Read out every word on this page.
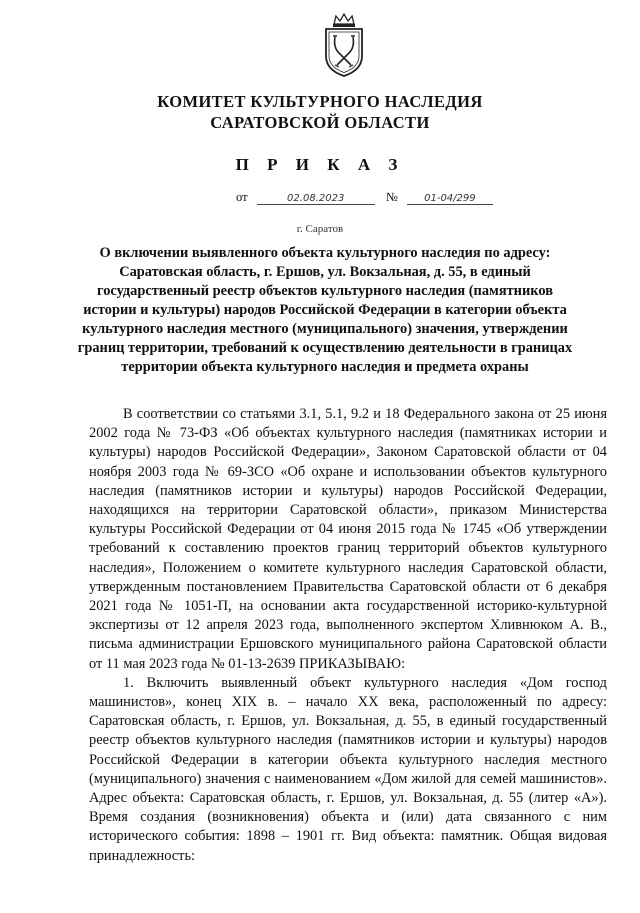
КОМИТЕТ КУЛЬТУРНОГО НАСЛЕДИЯ
САРАТОВСКОЙ ОБЛАСТИ
П Р И К А З
от	02.08.2023	№	01-04/299
г. Саратов
О включении выявленного объекта культурного наследия по адресу: Саратовская область, г. Ершов, ул. Вокзальная, д. 55, в единый государственный реестр объектов культурного наследия (памятников истории и культуры) народов Российской Федерации в категории объекта культурного наследия местного (муниципального) значения, утверждении границ территории, требований к осуществлению деятельности в границах территории объекта культурного наследия и предмета охраны

В соответствии со статьями 3.1, 5.1, 9.2 и 18 Федерального закона от 25 июня 2002 года № 73-ФЗ «Об объектах культурного наследия (памятниках истории и культуры) народов Российской Федерации», Законом Саратовской области от 04 ноября 2003 года № 69-ЗСО «Об охране и использовании объектов культурного наследия (памятников истории и культуры) народов Российской Федерации, находящихся на территории Саратовской области», приказом Министерства культуры Российской Федерации от 04 июня 2015 года № 1745 «Об утверждении требований к составлению проектов границ территорий объектов культурного наследия», Положением о комитете культурного наследия Саратовской области, утвержденным постановлением Правительства Саратовской области от 6 декабря 2021 года № 1051-П, на основании акта государственной историко-культурной экспертизы от 12 апреля 2023 года, выполненного экспертом Хливнюком А. В., письма администрации Ершовского муниципального района Саратовской области от 11 мая 2023 года № 01-13-2639 ПРИКАЗЫВАЮ:

1. Включить выявленный объект культурного наследия «Дом господ машинистов», конец XIX в. – начало XX века, расположенный по адресу: Саратовская область, г. Ершов, ул. Вокзальная, д. 55, в единый государственный реестр объектов культурного наследия (памятников истории и культуры) народов Российской Федерации в категории объекта культурного наследия местного (муниципального) значения с наименованием «Дом жилой для семей машинистов». Адрес объекта: Саратовская область, г. Ершов, ул. Вокзальная, д. 55 (литер «А»). Время создания (возникновения) объекта и (или) дата связанного с ним исторического события: 1898 – 1901 гг. Вид объекта: памятник. Общая видовая принадлежность:
